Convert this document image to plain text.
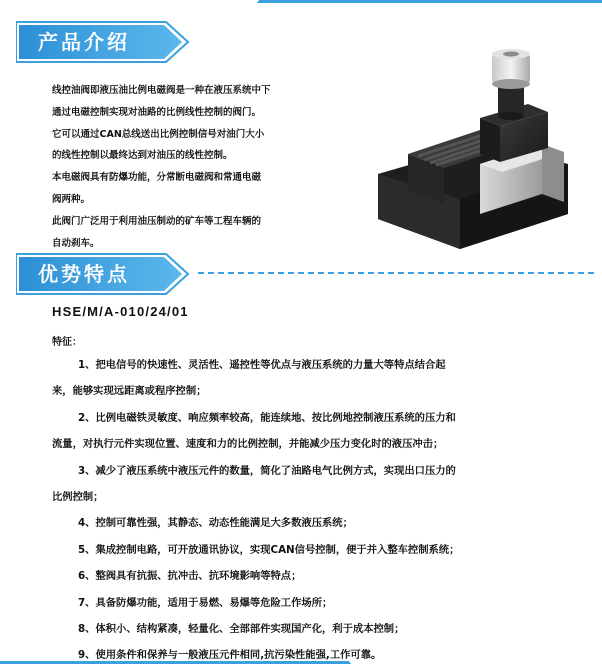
产品介绍

线控油阀即液压油比例电磁阀是一种在液压系统中下

通过电磁控制实现对油路的比例线性控制的阀门。

它可以通过CAN总线送出比例控制信号对油门大小

的线性控制以最终达到对油压的线性控制。

本电磁阀具有防爆功能，分常断电磁阀和常通电磁

阀两种。

此阀门广泛用于利用油压制动的矿车等工程车辆的

自动刹车。

优势特点
HSE/M/A-010/24/01
特征：

1、把电信号的快速性、灵活性、遥控性等优点与液压系统的力量大等特点结合起

来，能够实现远距离或程序控制；

2、比例电磁铁灵敏度、响应频率较高，能连续地、按比例地控制液压系统的压力和

流量，对执行元件实现位置、速度和力的比例控制，并能减少压力变化时的液压冲击；

3、减少了液压系统中液压元件的数量，简化了油路电气比例方式，实现出口压力的

比例控制；

4、控制可靠性强，其静态、动态性能满足大多数液压系统；

5、集成控制电路，可开放通讯协议，实现CAN信号控制，便于并入整车控制系统；

6、整阀具有抗振、抗冲击、抗环境影响等特点；

7、具备防爆功能，适用于易燃、易爆等危险工作场所；

8、体积小、结构紧凑，轻量化、全部部件实现国产化，利于成本控制；

9、使用条件和保养与一般液压元件相同,抗污染性能强,工作可靠。
